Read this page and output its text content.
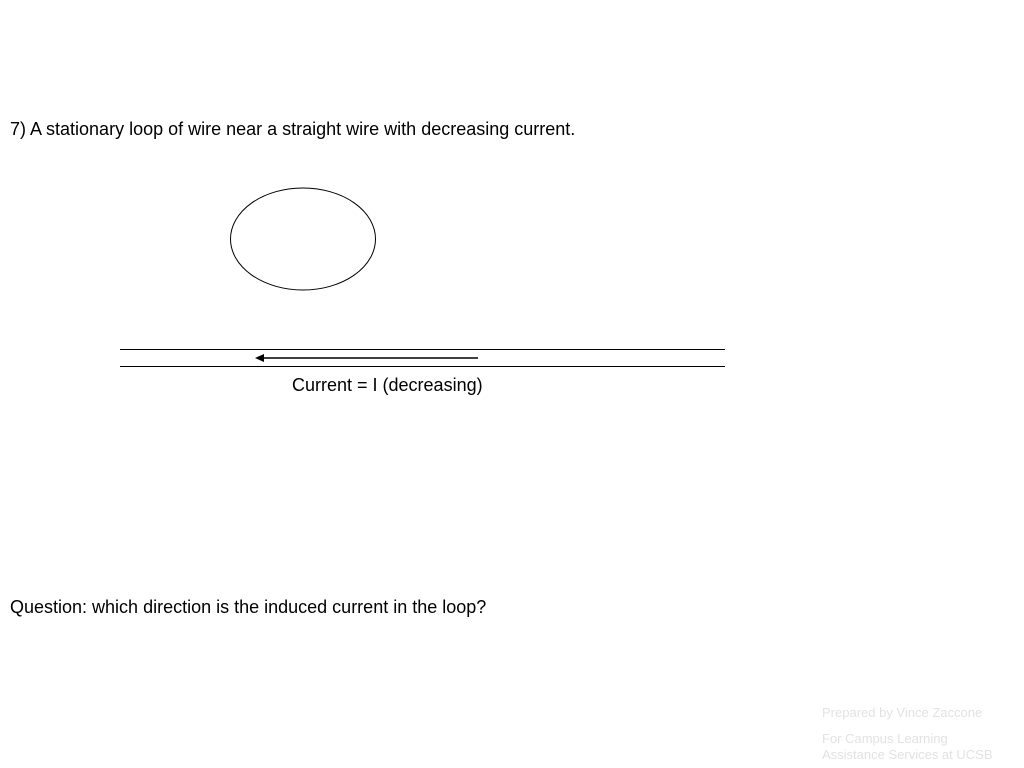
7) A stationary loop of wire near a straight wire with decreasing current.

Current = I (decreasing)

Question: which direction is the induced current in the loop?

Prepared by Vince Zaccone
For Campus Learning
Assistance Services at UCSB
